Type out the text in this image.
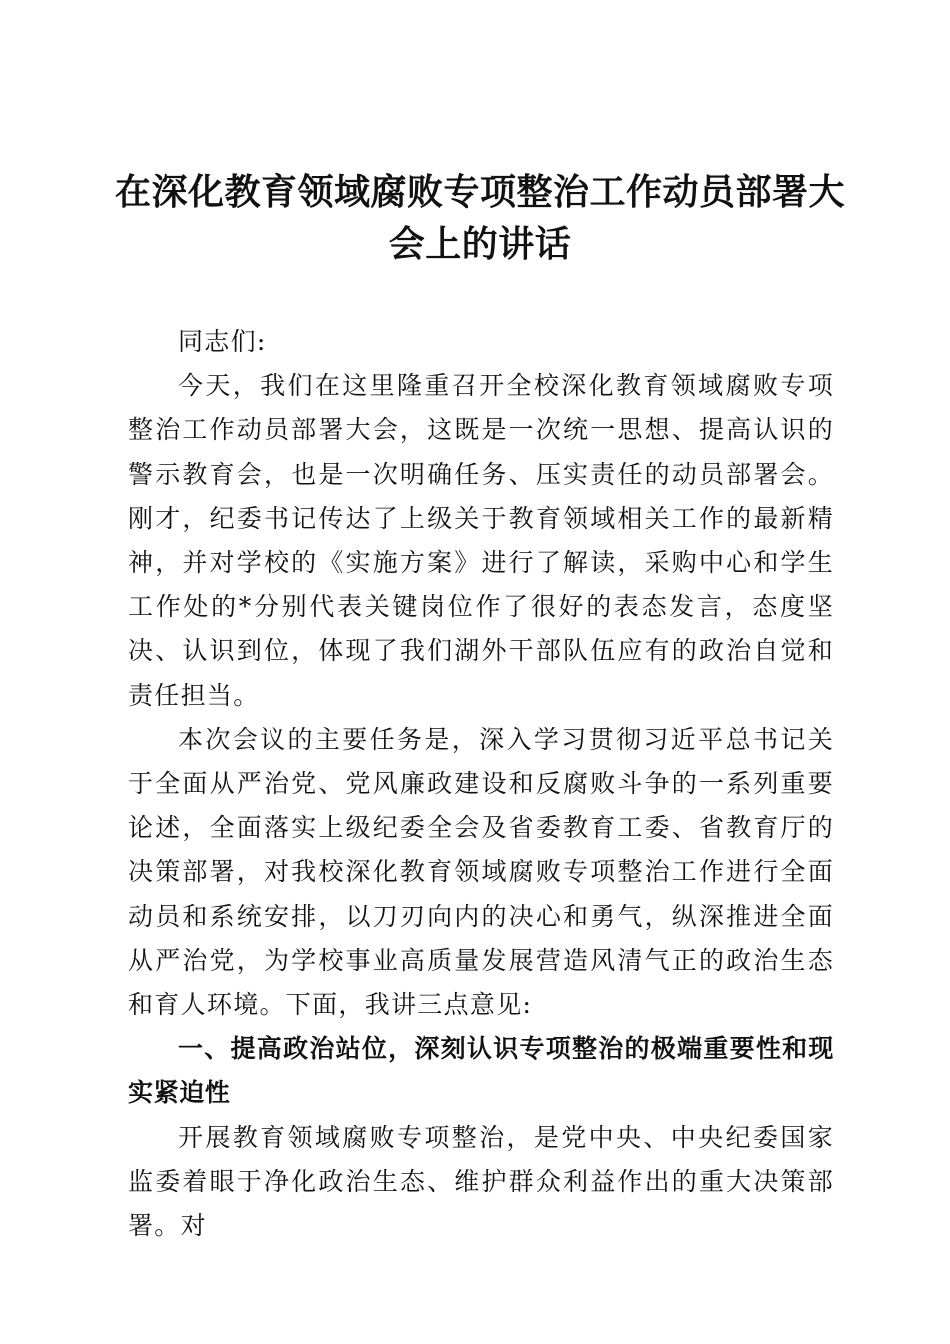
在深化教育领域腐败专项整治工作动员部署大会上的讲话

同志们:

今天，我们在这里隆重召开全校深化教育领域腐败专项整治工作动员部署大会，这既是一次统一思想、提高认识的警示教育会，也是一次明确任务、压实责任的动员部署会。刚才，纪委书记传达了上级关于教育领域相关工作的最新精神，并对学校的《实施方案》进行了解读，采购中心和学生工作处的*分别代表关键岗位作了很好的表态发言，态度坚决、认识到位，体现了我们湖外干部队伍应有的政治自觉和责任担当。

本次会议的主要任务是，深入学习贯彻习近平总书记关于全面从严治党、党风廉政建设和反腐败斗争的一系列重要论述，全面落实上级纪委全会及省委教育工委、省教育厅的决策部署，对我校深化教育领域腐败专项整治工作进行全面动员和系统安排，以刀刃向内的决心和勇气，纵深推进全面从严治党，为学校事业高质量发展营造风清气正的政治生态和育人环境。下面，我讲三点意见:

一、提高政治站位，深刻认识专项整治的极端重要性和现实紧迫性

开展教育领域腐败专项整治，是党中央、中央纪委国家监委着眼于净化政治生态、维护群众利益作出的重大决策部署。对
